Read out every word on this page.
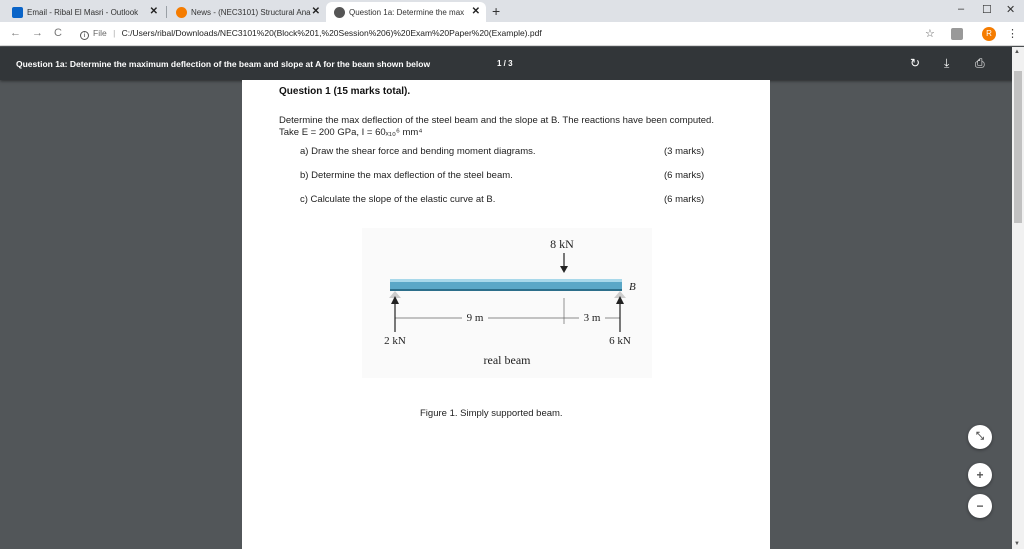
Email - Ribal El Masri - Outlook ✕	News - (NEC3101) Structural Ana ✕	Question 1a: Determine the max ✕ +	– ☐ ✕
← → C	i File | C:/Users/ribal/Downloads/NEC3101%20(Block%201,%20Session%206)%20Exam%20Paper%20(Example).pdf	☆	R	⋮
Question 1a: Determine the maximum deflection of the beam and slope at A for the beam shown below	1 / 3	↻ ⤓ ⎙
▲
▼
Question 1 (15 marks total).
Determine the max deflection of the steel beam and the slope at B. The reactions have been computed. Take E = 200 GPa, I = 60ₓ₁₀⁶ mm⁴
a) Draw the shear force and bending moment diagrams.	(3 marks)
b) Determine the max deflection of the steel beam.	(6 marks)
c) Calculate the slope of the elastic curve at B.	(6 marks)
Figure 1. Simply supported beam.
8 kN
B
9 m	3 m
2 kN	6 kN
real beam
⤡
+
−
